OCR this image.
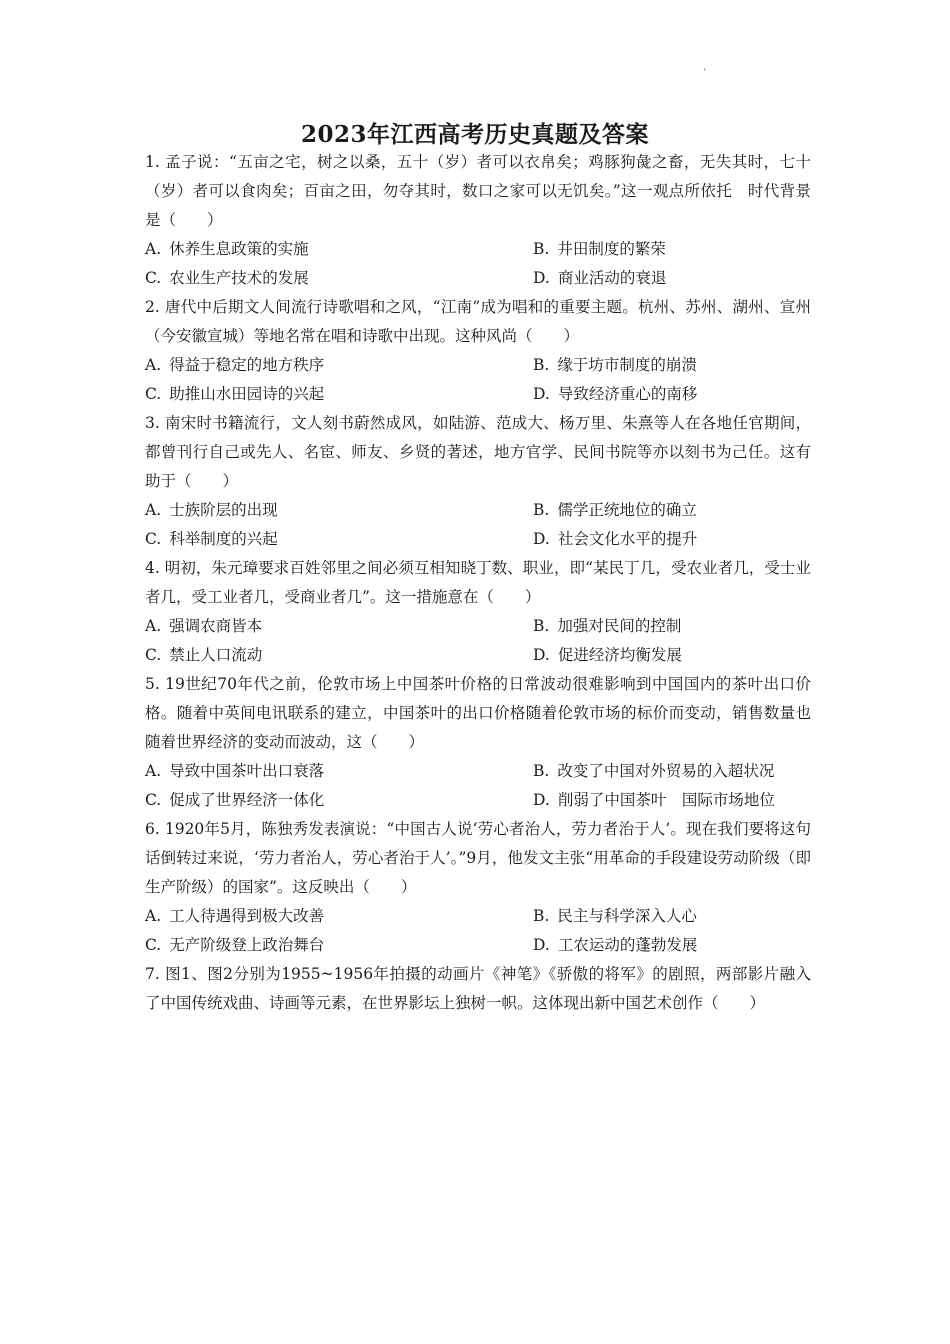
.
2023年江西高考历史真题及答案
1. 孟子说：“五亩之宅，树之以桑，五十（岁）者可以衣帛矣；鸡豚狗彘之畜，无失其时，七十（岁）者可以食肉矣；百亩之田，勿夺其时，数口之家可以无饥矣。”这一观点所依托　时代背景是（　　）
A. 休养生息政策的实施	B. 井田制度的繁荣
C. 农业生产技术的发展	D. 商业活动的衰退
2. 唐代中后期文人间流行诗歌唱和之风，“江南”成为唱和的重要主题。杭州、苏州、湖州、宣州（今安徽宣城）等地名常在唱和诗歌中出现。这种风尚（　　）
A. 得益于稳定的地方秩序	B. 缘于坊市制度的崩溃
C. 助推山水田园诗的兴起	D. 导致经济重心的南移
3. 南宋时书籍流行，文人刻书蔚然成风，如陆游、范成大、杨万里、朱熹等人在各地任官期间，都曾刊行自己或先人、名宦、师友、乡贤的著述，地方官学、民间书院等亦以刻书为己任。这有助于（　　）
A. 士族阶层的出现	B. 儒学正统地位的确立
C. 科举制度的兴起	D. 社会文化水平的提升
4. 明初，朱元璋要求百姓邻里之间必须互相知晓丁数、职业，即“某民丁几，受农业者几，受士业者几，受工业者几，受商业者几”。这一措施意在（　　）
A. 强调农商皆本	B. 加强对民间的控制
C. 禁止人口流动	D. 促进经济均衡发展
5. 19世纪70年代之前，伦敦市场上中国茶叶价格的日常波动很难影响到中国国内的茶叶出口价格。随着中英间电讯联系的建立，中国茶叶的出口价格随着伦敦市场的标价而变动，销售数量也随着世界经济的变动而波动，这（　　）
A. 导致中国茶叶出口衰落	B. 改变了中国对外贸易的入超状况
C. 促成了世界经济一体化	D. 削弱了中国茶叶　国际市场地位
6. 1920年5月，陈独秀发表演说：“中国古人说‘劳心者治人，劳力者治于人’。现在我们要将这句话倒转过来说，‘劳力者治人，劳心者治于人’。”9月，他发文主张“用革命的手段建设劳动阶级（即生产阶级）的国家”。这反映出（　　）
A. 工人待遇得到极大改善	B. 民主与科学深入人心
C. 无产阶级登上政治舞台	D. 工农运动的蓬勃发展
7. 图1、图2分别为1955~1956年拍摄的动画片《神笔》《骄傲的将军》的剧照，两部影片融入了中国传统戏曲、诗画等元素，在世界影坛上独树一帜。这体现出新中国艺术创作（　　）
